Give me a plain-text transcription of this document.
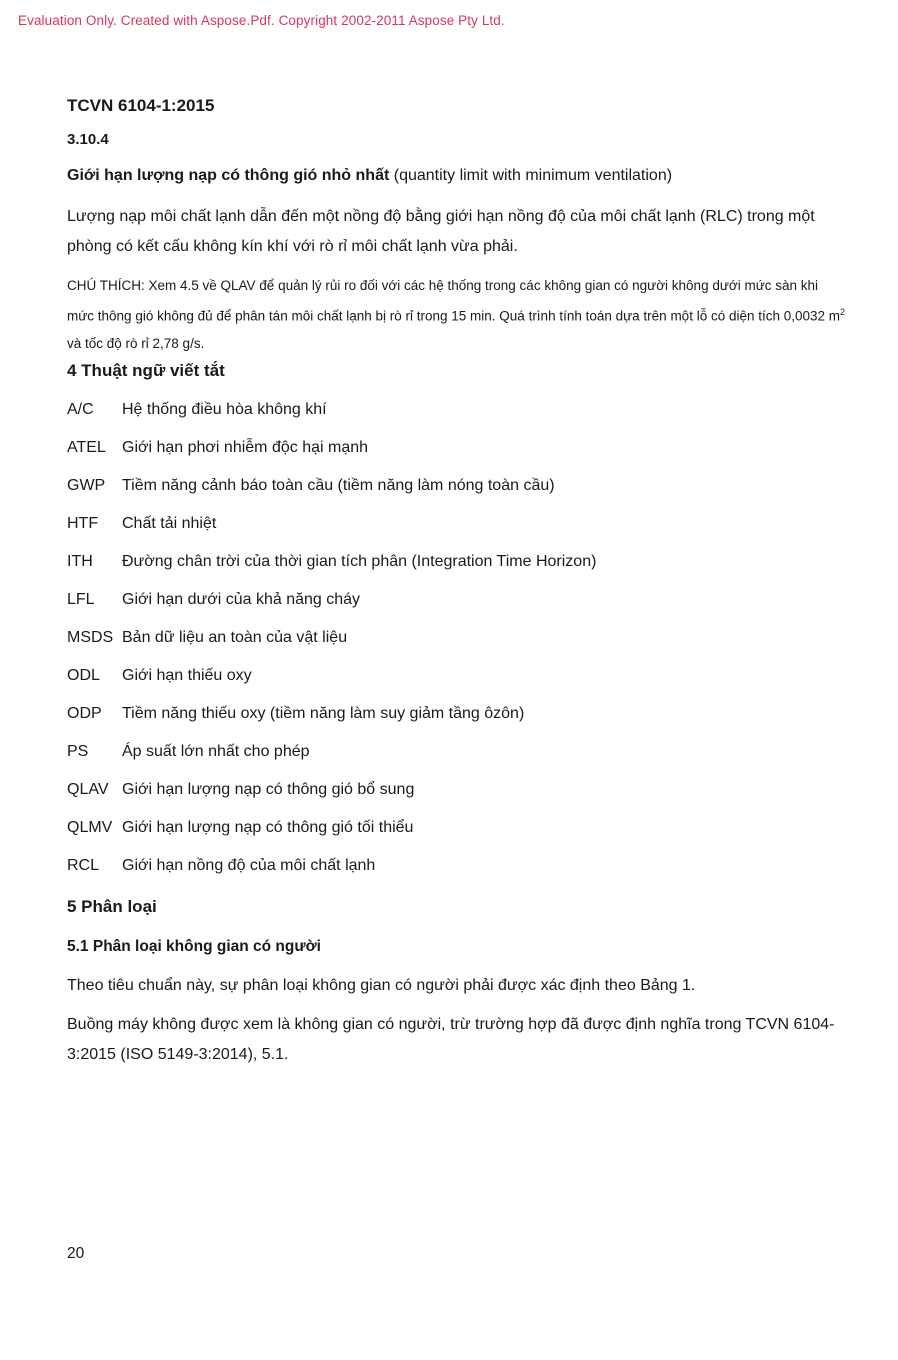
Evaluation Only. Created with Aspose.Pdf. Copyright 2002-2011 Aspose Pty Ltd.
TCVN 6104-1:2015
3.10.4
Giới hạn lượng nạp có thông gió nhỏ nhất (quantity limit with minimum ventilation)
Lượng nạp môi chất lạnh dẫn đến một nồng độ bằng giới hạn nồng độ của môi chất lạnh (RLC) trong một phòng có kết cấu không kín khí với rò rỉ môi chất lạnh vừa phải.
CHÚ THÍCH: Xem 4.5 về QLAV để quản lý rủi ro đối với các hệ thống trong các không gian có người không dưới mức sàn khi mức thông gió không đủ để phân tán môi chất lạnh bị rò rỉ trong 15 min. Quá trình tính toán dựa trên một lỗ có diện tích 0,0032 $m^2$ và tốc độ rò rỉ 2,78 g/s.
4 Thuật ngữ viết tắt
A/C Hệ thống điều hòa không khí
ATEL Giới hạn phơi nhiễm độc hại mạnh
GWP Tiềm năng cảnh báo toàn cầu (tiềm năng làm nóng toàn cầu)
HTF Chất tải nhiệt
ITH Đường chân trời của thời gian tích phân (Integration Time Horizon)
LFL Giới hạn dưới của khả năng cháy
MSDS Bản dữ liệu an toàn của vật liệu
ODL Giới hạn thiếu oxy
ODP Tiềm năng thiếu oxy (tiềm năng làm suy giảm tầng ôzôn)
PS Áp suất lớn nhất cho phép
QLAV Giới hạn lượng nạp có thông gió bổ sung
QLMV Giới hạn lượng nạp có thông gió tối thiểu
RCL Giới hạn nồng độ của môi chất lạnh
5 Phân loại
5.1 Phân loại không gian có người
Theo tiêu chuẩn này, sự phân loại không gian có người phải được xác định theo Bảng 1.
Buồng máy không được xem là không gian có người, trừ trường hợp đã được định nghĩa trong TCVN 6104-3:2015 (ISO 5149-3:2014), 5.1.
20
